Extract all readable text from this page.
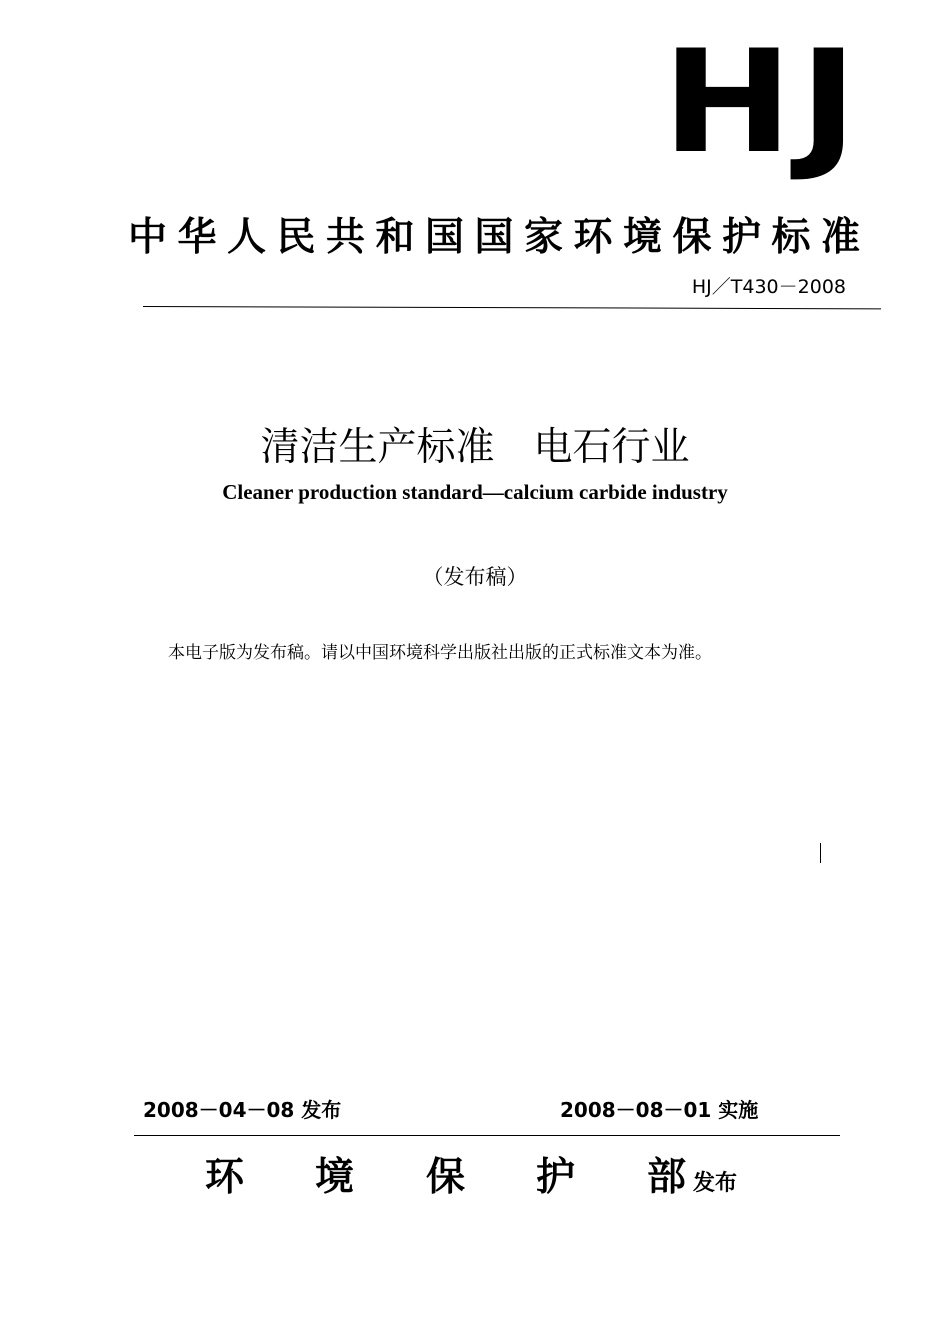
HJ
中华人民共和国国家环境保护标准
HJ／T430－2008
清洁生产标准　电石行业
Cleaner production standard—calcium carbide industry
（发布稿）
本电子版为发布稿。请以中国环境科学出版社出版的正式标准文本为准。
2008－04－08 发布	2008－08－01 实施
环 境 保 护 部 发布
